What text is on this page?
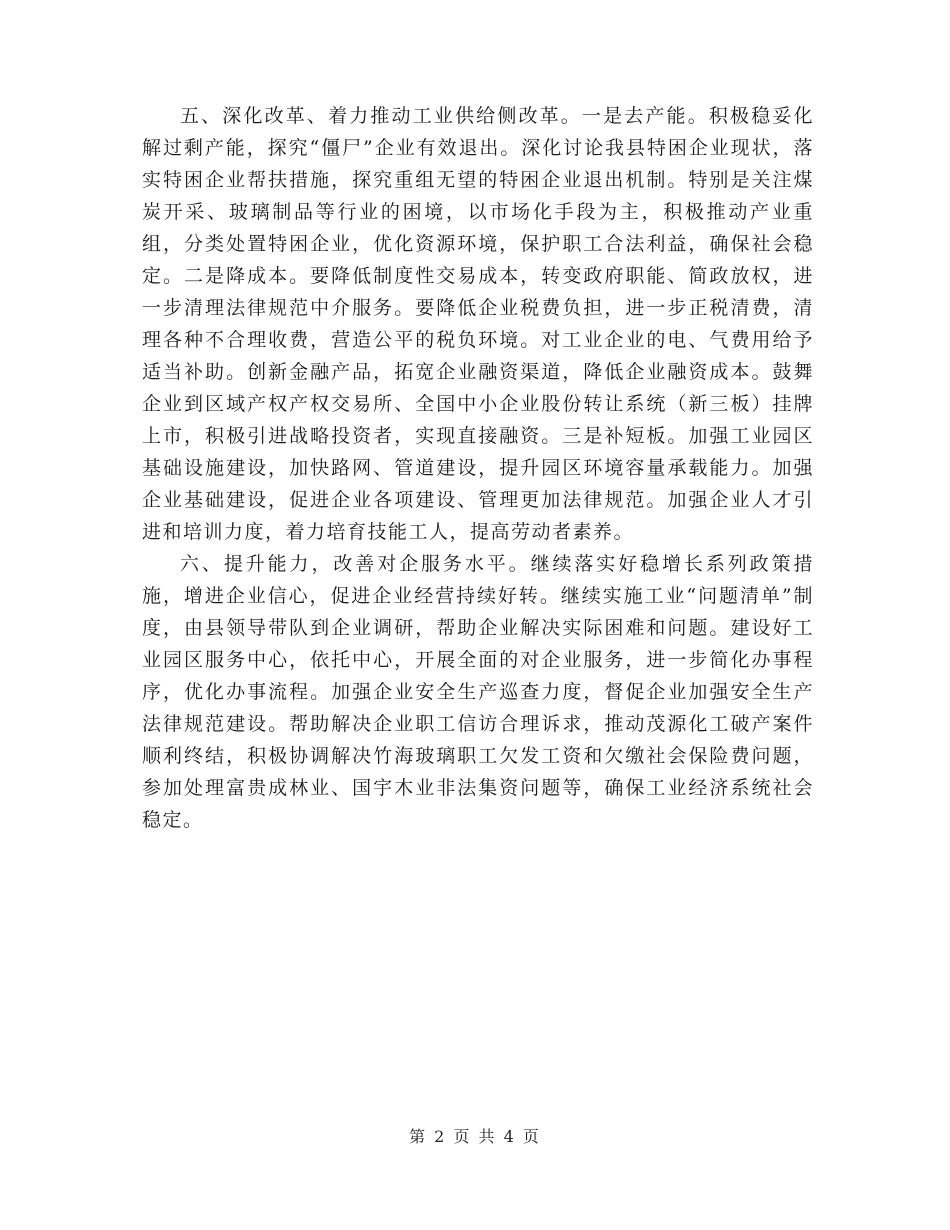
五、深化改革、着力推动工业供给侧改革。一是去产能。积极稳妥化解过剩产能，探究“僵尸”企业有效退出。深化讨论我县特困企业现状，落实特困企业帮扶措施，探究重组无望的特困企业退出机制。特别是关注煤炭开采、玻璃制品等行业的困境，以市场化手段为主，积极推动产业重组，分类处置特困企业，优化资源环境，保护职工合法利益，确保社会稳定。二是降成本。要降低制度性交易成本，转变政府职能、简政放权，进一步清理法律规范中介服务。要降低企业税费负担，进一步正税清费，清理各种不合理收费，营造公平的税负环境。对工业企业的电、气费用给予适当补助。创新金融产品，拓宽企业融资渠道，降低企业融资成本。鼓舞企业到区域产权产权交易所、全国中小企业股份转让系统（新三板）挂牌上市，积极引进战略投资者，实现直接融资。三是补短板。加强工业园区基础设施建设，加快路网、管道建设，提升园区环境容量承载能力。加强企业基础建设，促进企业各项建设、管理更加法律规范。加强企业人才引进和培训力度，着力培育技能工人，提高劳动者素养。

六、提升能力，改善对企服务水平。继续落实好稳增长系列政策措施，增进企业信心，促进企业经营持续好转。继续实施工业“问题清单”制度，由县领导带队到企业调研，帮助企业解决实际困难和问题。建设好工业园区服务中心，依托中心，开展全面的对企业服务，进一步简化办事程序，优化办事流程。加强企业安全生产巡查力度，督促企业加强安全生产法律规范建设。帮助解决企业职工信访合理诉求，推动茂源化工破产案件顺利终结，积极协调解决竹海玻璃职工欠发工资和欠缴社会保险费问题，参加处理富贵成林业、国宇木业非法集资问题等，确保工业经济系统社会稳定。

第 2 页 共 4 页
